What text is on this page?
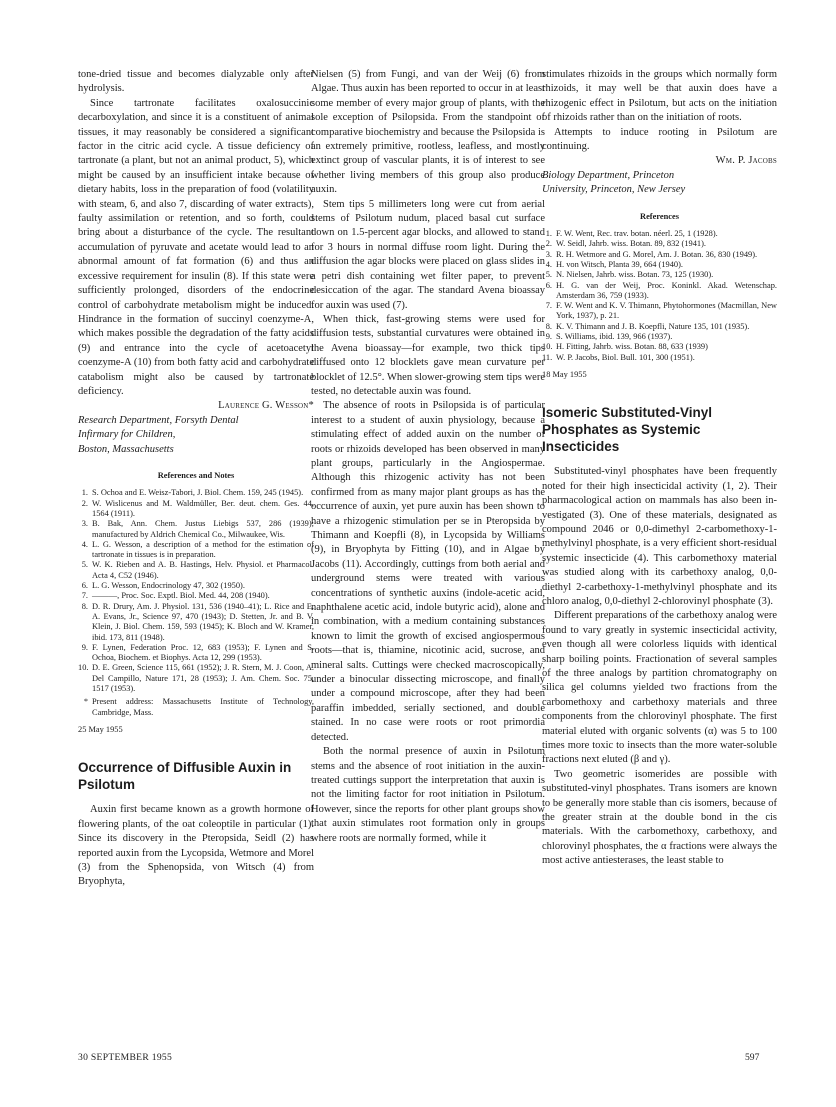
tone-dried tissue and becomes dialyzable only after hydrolysis.

Since tartronate facilitates oxalosuccinic decarboxylation, and since it is a constituent of animal tissues, it may reasonably be considered a significant factor in the citric acid cycle. A tissue deficiency of tartronate (a plant, but not an animal product, 5), which might be caused by an insufficient intake because of dietary habits, loss in the preparation of food (volatility with steam, 6, and also 7, discarding of water extracts), faulty assimilation or retention, and so forth, could bring about a disturbance of the cycle. The resultant accumulation of pyruvate and acetate would lead to an abnormal amount of fat formation (6) and thus an excessive requirement for insulin (8). If this state were sufficiently prolonged, disorders of the endocrine control of carbohydrate metabolism might be induced. Hindrance in the formation of succinyl coenzyme-A, which makes possible the degradation of the fatty acids (9) and entrance into the cycle of acetoacetyl coenzyme-A (10) from both fatty acid and carbohydrate catabolism might also be caused by tartronate deficiency.

Laurence G. Wesson*

Research Department, Forsyth Dental
Infirmary for Children,
Boston, Massachusetts
References and Notes
1. S. Ochoa and E. Weisz-Tabori, J. Biol. Chem. 159, 245 (1945).
2. W. Wislicenus and M. Waldmüller, Ber. deut. chem. Ges. 44, 1564 (1911).
3. B. Bak, Ann. Chem. Justus Liebigs 537, 286 (1939); manufactured by Aldrich Chemical Co., Milwaukee, Wis.
4. L. G. Wesson, a description of a method for the estimation of tartronate in tissues is in preparation.
5. W. K. Rieben and A. B. Hastings, Helv. Physiol. et Pharmacol. Acta 4, C52 (1946).
6. L. G. Wesson, Endocrinology 47, 302 (1950).
7. ———, Proc. Soc. Exptl. Biol. Med. 44, 208 (1940).
8. D. R. Drury, Am. J. Physiol. 131, 536 (1940–41); L. Rice and E. A. Evans, Jr., Science 97, 470 (1943); D. Stetten, Jr. and B. V. Klein, J. Biol. Chem. 159, 593 (1945); K. Bloch and W. Kramer, ibid. 173, 811 (1948).
9. F. Lynen, Federation Proc. 12, 683 (1953); F. Lynen and S. Ochoa, Biochem. et Biophys. Acta 12, 299 (1953).
10. D. E. Green, Science 115, 661 (1952); J. R. Stern, M. J. Coon, A. Del Campillo, Nature 171, 28 (1953); J. Am. Chem. Soc. 75, 1517 (1953).
* Present address: Massachusetts Institute of Technology, Cambridge, Mass.
25 May 1955
Occurrence of Diffusible Auxin in Psilotum

Auxin first became known as a growth hormone of flowering plants, of the oat coleoptile in particular (1). Since its discovery in the Pteropsida, Seidl (2) has reported auxin from the Lycopsida, Wetmore and Morel (3) from the Sphenopsida, von Witsch (4) from Bryophyta,

Nielsen (5) from Fungi, and van der Weij (6) from Algae. Thus auxin has been reported to occur in at least some member of every major group of plants, with the sole exception of Psilopsida. From the standpoint of comparative biochemistry and because the Psilopsida is an extremely primitive, rootless, leafless, and mostly extinct group of vascular plants, it is of interest to see whether living members of this group also produce auxin.

Stem tips 5 millimeters long were cut from aerial stems of Psilotum nudum, placed basal cut surface down on 1.5-percent agar blocks, and allowed to stand for 3 hours in normal diffuse room light. During the diffusion the agar blocks were placed on glass slides in a petri dish containing wet filter paper, to prevent desiccation of the agar. The standard Avena bioassay for auxin was used (7).

When thick, fast-growing stems were used for diffusion tests, substantial curvatures were obtained in the Avena bioassay—for example, two thick tips diffused onto 12 blocklets gave mean curvature per blocklet of 12.5°. When slower-growing stem tips were tested, no detectable auxin was found.

The absence of roots in Psilopsida is of particular interest to a student of auxin physiology, because a stimulating effect of added auxin on the number of roots or rhizoids developed has been observed in many plant groups, particularly in the Angiospermae. Although this rhizogenic activity has not been confirmed from as many major plant groups as has the occurrence of auxin, yet pure auxin has been shown to have a rhizogenic stimulation per se in Pteropsida by Thimann and Koepfli (8), in Lycopsida by Williams (9), in Bryophyta by Fitting (10), and in Algae by Jacobs (11). Accordingly, cuttings from both aerial and underground stems were treated with various concentrations of synthetic auxins (indole-acetic acid, naphthalene acetic acid, indole butyric acid), alone and in combination, with a medium containing substances known to limit the growth of excised angiospermous roots—that is, thiamine, nicotinic acid, sucrose, and mineral salts. Cuttings were checked macroscopically, under a binocular dissecting microscope, and finally under a compound microscope, after they had been paraffin imbedded, serially sectioned, and double stained. In no case were roots or root primordia detected.

Both the normal presence of auxin in Psilotum stems and the absence of root initiation in the auxin-treated cuttings support the interpretation that auxin is not the limiting factor for root initiation in Psilotum. However, since the reports for other plant groups show that auxin stimulates root formation only in groups where roots are normally formed, while it

stimulates rhizoids in the groups which normally form rhizoids, it may well be that auxin does have a rhizogenic effect in Psilotum, but acts on the initiation of rhizoids rather than on the initiation of roots.

Attempts to induce rooting in Psilotum are continuing.

Wm. P. Jacobs

Biology Department, Princeton
University, Princeton, New Jersey
References
1. F. W. Went, Rec. trav. botan. néerl. 25, 1 (1928).
2. W. Seidl, Jahrb. wiss. Botan. 89, 832 (1941).
3. R. H. Wetmore and G. Morel, Am. J. Botan. 36, 830 (1949).
4. H. von Witsch, Planta 39, 664 (1940).
5. N. Nielsen, Jahrb. wiss. Botan. 73, 125 (1930).
6. H. G. van der Weij, Proc. Koninkl. Akad. Wetenschap. Amsterdam 36, 759 (1933).
7. F. W. Went and K. V. Thimann, Phytohormones (Macmillan, New York, 1937), p. 21.
8. K. V. Thimann and J. B. Koepfli, Nature 135, 101 (1935).
9. S. Williams, ibid. 139, 966 (1937).
10. H. Fitting, Jahrb. wiss. Botan. 88, 633 (1939)
11. W. P. Jacobs, Biol. Bull. 101, 300 (1951).
18 May 1955
Isomeric Substituted-Vinyl Phosphates as Systemic Insecticides

Substituted-vinyl phosphates have been frequently noted for their high insecticidal activity (1, 2). Their pharmacological action on mammals has also been investigated (3). One of these materials, designated as compound 2046 or 0,0-dimethyl 2-carbomethoxy-1-methylvinyl phosphate, is a very efficient short-residual systemic insecticide (4). This carbomethoxy material was studied along with its carbethoxy analog, 0,0-diethyl 2-carbethoxy-1-methylvinyl phosphate and its chloro analog, 0,0-diethyl 2-chlorovinyl phosphate (3).

Different preparations of the carbethoxy analog were found to vary greatly in systemic insecticidal activity, even though all were colorless liquids with identical sharp boiling points. Fractionation of several samples of the three analogs by partition chromatography on silica gel columns yielded two fractions from the carbomethoxy and carbethoxy materials and three components from the chlorovinyl phosphate. The first material eluted with organic solvents (α) was 5 to 100 times more toxic to insects than the more water-soluble fractions next eluted (β and γ).

Two geometric isomerides are possible with substituted-vinyl phosphates. Trans isomers are known to be generally more stable than cis isomers, because of the greater strain at the double bond in the cis materials. With the carbomethoxy, carbethoxy, and chlorovinyl phosphates, the α fractions were always the most active antiesterases, the least stable to

30 SEPTEMBER 1955	597
